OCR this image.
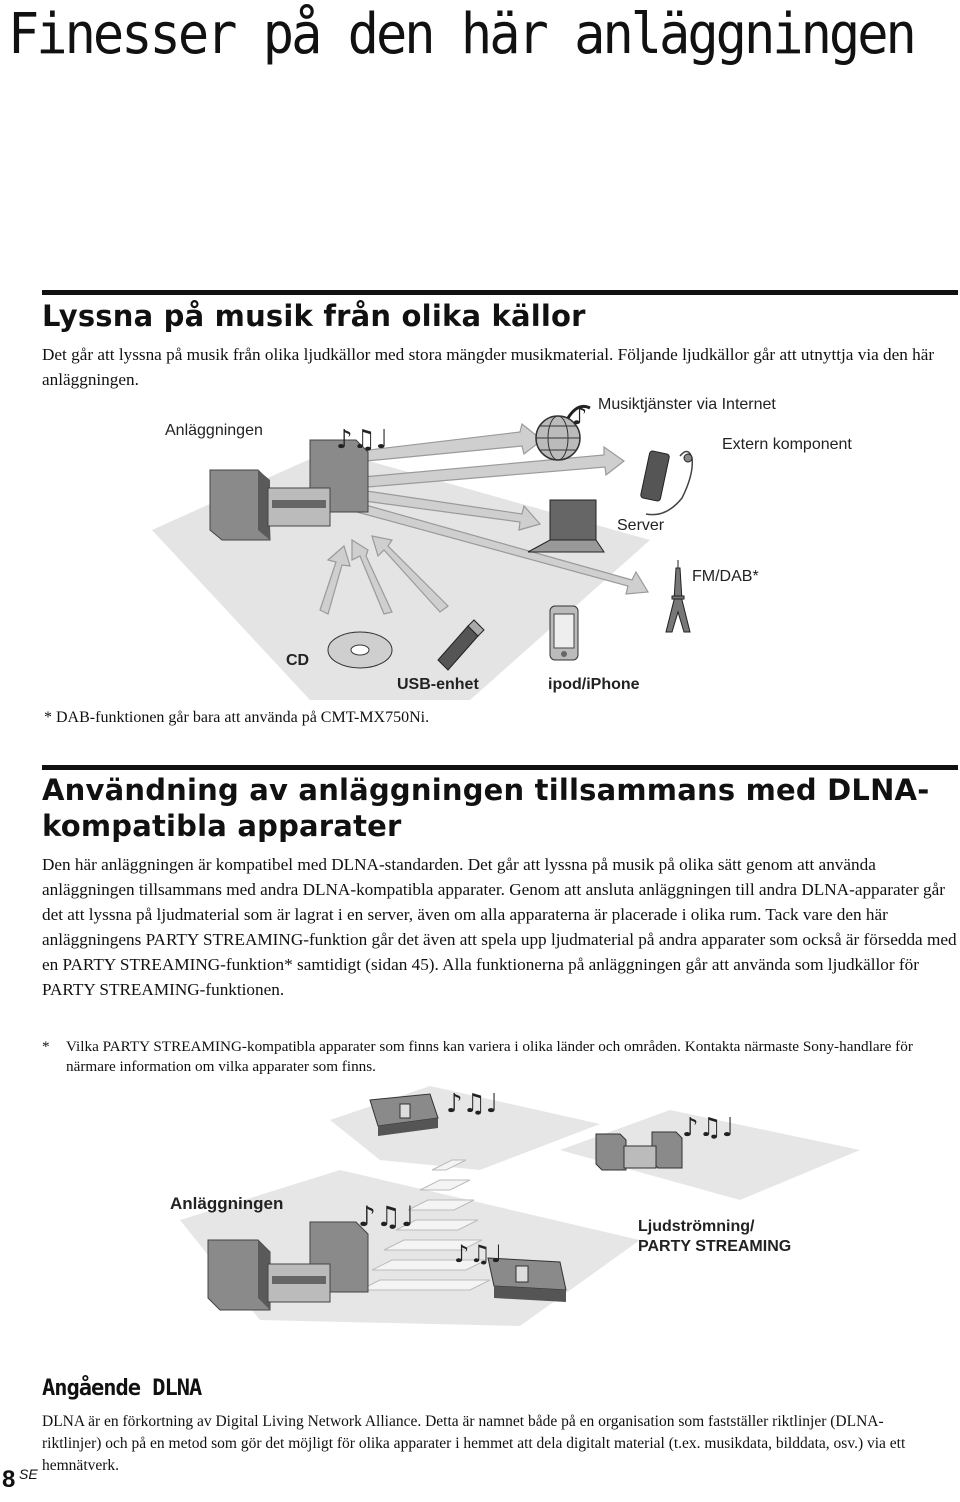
Finesser på den här anläggningen
Lyssna på musik från olika källor

Det går att lyssna på musik från olika ljudkällor med stora mängder musikmaterial. Följande ljudkällor går att utnyttja via den här anläggningen.

♪♫♩
♪
Anläggningen
Musiktjänster via Internet
Extern komponent
Server
FM/DAB*
CD
USB-enhet	ipod/iPhone
* DAB-funktionen går bara att använda på CMT-MX750Ni.
Användning av anläggningen tillsammans med DLNA-
kompatibla apparater

Den här anläggningen är kompatibel med DLNA-standarden. Det går att lyssna på musik på olika sätt genom att använda anläggningen tillsammans med andra DLNA-kompatibla apparater. Genom att ansluta anläggningen till andra DLNA-apparater går det att lyssna på ljudmaterial som är lagrat i en server, även om alla apparaterna är placerade i olika rum. Tack vare den här anläggningens PARTY STREAMING-funktion går det även att spela upp ljudmaterial på andra apparater som också är försedda med en PARTY STREAMING-funktion* samtidigt (sidan 45). Alla funktionerna på anläggningen går att använda som ljudkällor för PARTY STREAMING-funktionen.

* Vilka PARTY STREAMING-kompatibla apparater som finns kan variera i olika länder och områden. Kontakta närmaste Sony-handlare för närmare information om vilka apparater som finns.
♪♫♩
♪♫♩
♪♫♩
♪♫♩
Anläggningen
Ljudströmning/
PARTY STREAMING
Angående DLNA

DLNA är en förkortning av Digital Living Network Alliance. Detta är namnet både på en organisation som fastställer riktlinjer (DLNA-riktlinjer) och på en metod som gör det möjligt för olika apparater i hemmet att dela digitalt material (t.ex. musikdata, bilddata, osv.) via ett hemnätverk.

8 SE
